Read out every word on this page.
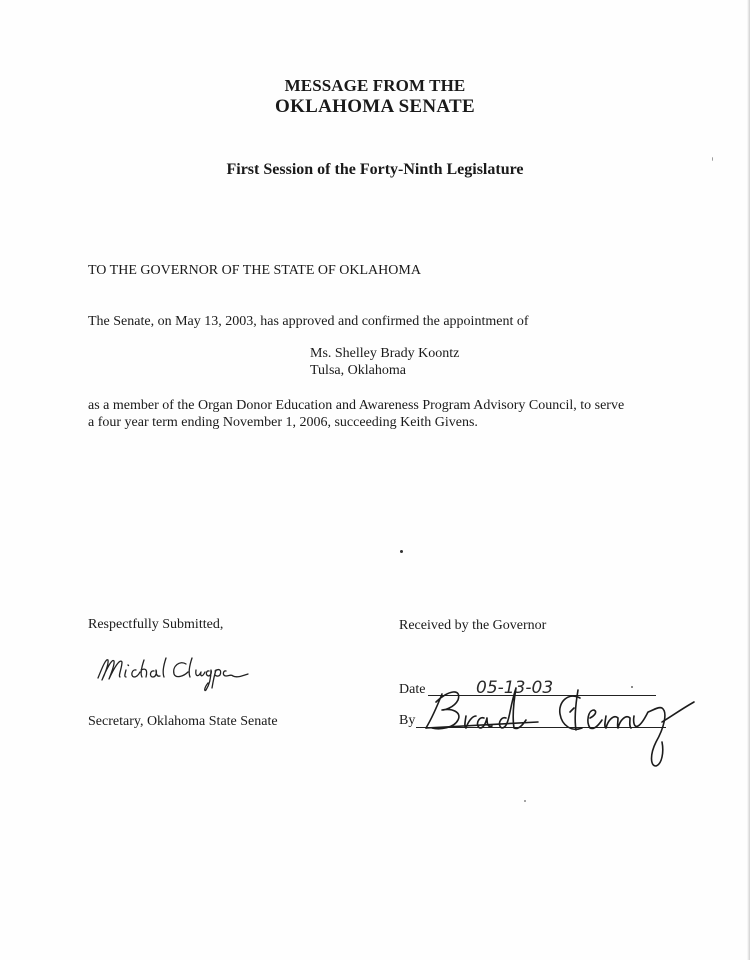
MESSAGE FROM THE
OKLAHOMA SENATE
First Session of the Forty-Ninth Legislature
TO THE GOVERNOR OF THE STATE OF OKLAHOMA
The Senate, on May 13, 2003, has approved and confirmed the appointment of
Ms. Shelley Brady Koontz
Tulsa, Oklahoma
as a member of the Organ Donor Education and Awareness Program Advisory Council, to serve
a four year term ending November 1, 2006, succeeding Keith Givens.
Respectfully Submitted,	Received by the Governor
Secretary, Oklahoma State Senate
Date	05-13-03
By
